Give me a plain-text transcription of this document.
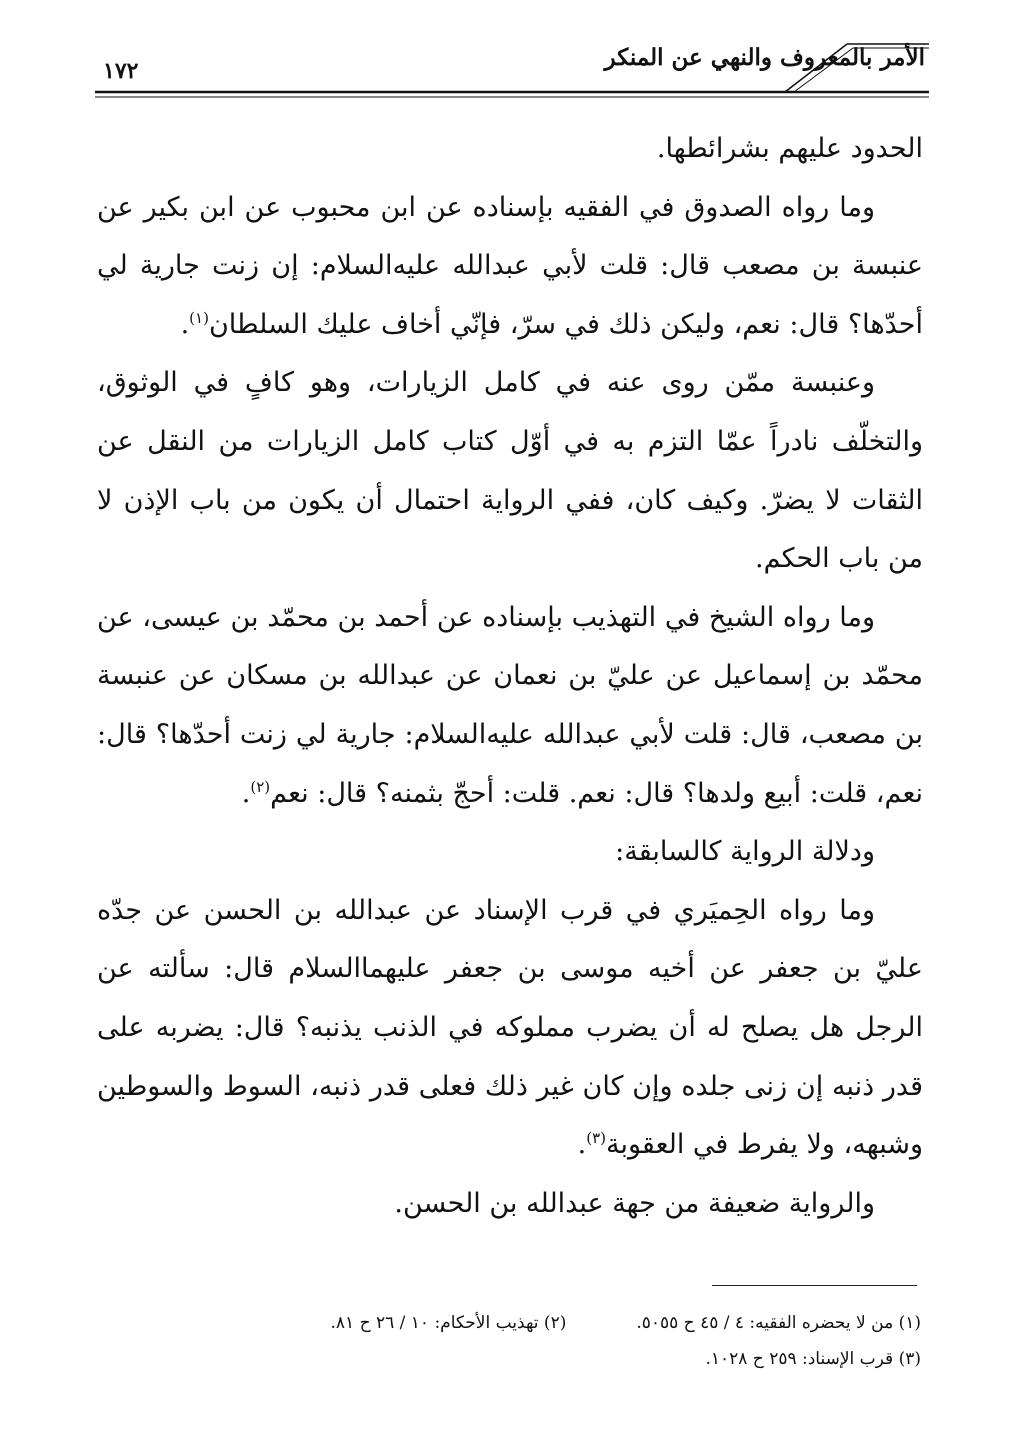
الأمر بالمعروف والنهي عن المنكر
١٧٢

الحدود عليهم بشرائطها.

وما رواه الصدوق في الفقيه بإسناده عن ابن محبوب عن ابن بكير عن عنبسة بن مصعب قال: قلت لأبي عبدالله عليه‌السلام: إن زنت جارية لي أحدّها؟ قال: نعم، وليكن ذلك في سرّ، فإنّي أخاف عليك السلطان$^{(١)}$.

وعنبسة ممّن روى عنه في كامل الزيارات، وهو كافٍ في الوثوق، والتخلّف نادراً عمّا التزم به في أوّل كتاب كامل الزيارات من النقل عن الثقات لا يضرّ. وكيف كان، ففي الرواية احتمال أن يكون من باب الإذن لا من باب الحكم.

وما رواه الشيخ في التهذيب بإسناده عن أحمد بن محمّد بن عيسى، عن محمّد بن إسماعيل عن عليّ بن نعمان عن عبدالله بن مسكان عن عنبسة بن مصعب، قال: قلت لأبي عبدالله عليه‌السلام: جارية لي زنت أحدّها؟ قال: نعم، قلت: أبيع ولدها؟ قال: نعم. قلت: أحجّ بثمنه؟ قال: نعم$^{(٢)}$.

ودلالة الرواية كالسابقة:

وما رواه الحِميَري في قرب الإسناد عن عبدالله بن الحسن عن جدّه عليّ بن جعفر عن أخيه موسى بن جعفر عليهما‌السلام قال: سألته عن الرجل هل يصلح له أن يضرب مملوكه في الذنب يذنبه؟ قال: يضربه على قدر ذنبه إن زنى جلده وإن كان غير ذلك فعلى قدر ذنبه، السوط والسوطين وشبهه، ولا يفرط في العقوبة$^{(٣)}$.

والرواية ضعيفة من جهة عبدالله بن الحسن.

(١) من لا يحضره الفقيه: ٤ / ٤٥ ح ٥٠٥٥.
(٢) تهذيب الأحكام: ١٠ / ٢٦ ح ٨١.
(٣) قرب الإسناد: ٢٥٩ ح ١٠٢٨.
